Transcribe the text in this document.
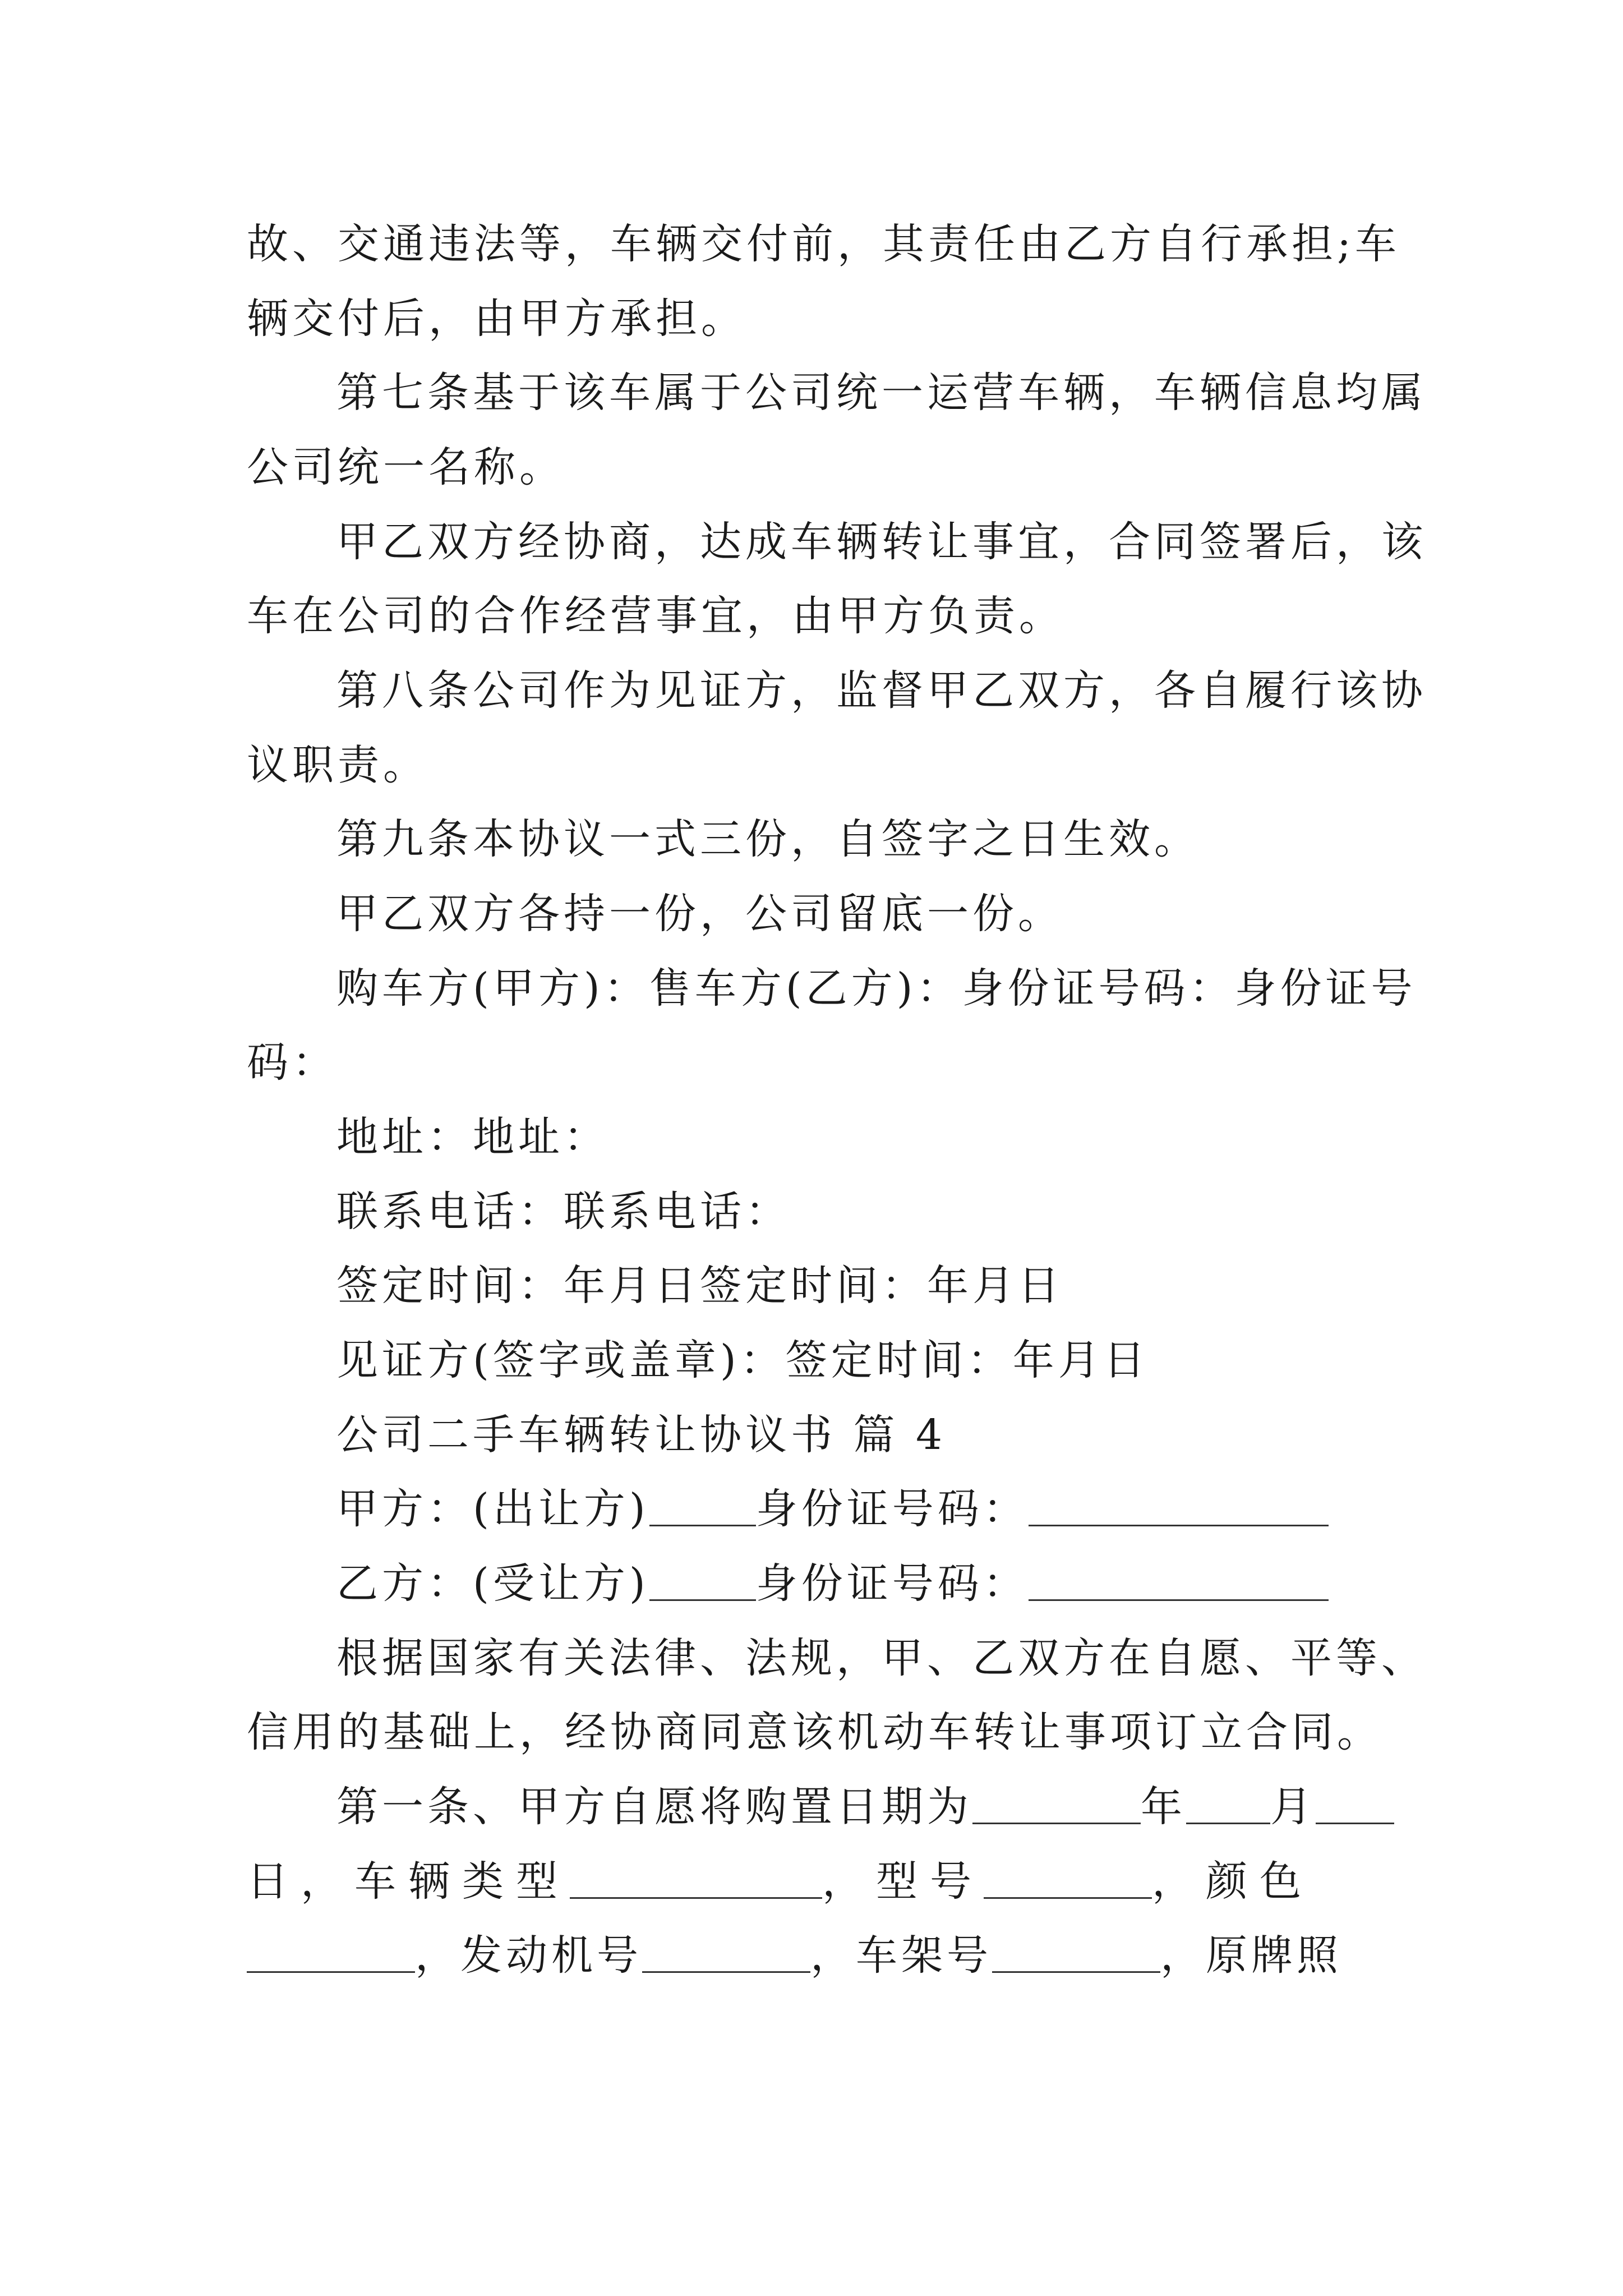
故、交通违法等，车辆交付前，其责任由乙方自行承担;车
辆交付后，由甲方承担。
第七条基于该车属于公司统一运营车辆，车辆信息均属
公司统一名称。
甲乙双方经协商，达成车辆转让事宜，合同签署后，该
车在公司的合作经营事宜，由甲方负责。
第八条公司作为见证方，监督甲乙双方，各自履行该协
议职责。
第九条本协议一式三份，自签字之日生效。
甲乙双方各持一份，公司留底一份。
购车方(甲方)：售车方(乙方)：身份证号码：身份证号
码：
地址：地址：
联系电话：联系电话：
签定时间：年月日签定时间：年月日
见证方(签字或盖章)：签定时间：年月日
公司二手车辆转让协议书 篇 4
甲方：(出让方)	身份证号码：
乙方：(受让方)	身份证号码：
根据国家有关法律、法规，甲、乙双方在自愿、平等、
信用的基础上，经协商同意该机动车转让事项订立合同。
第一条、甲方自愿将购置日期为	年 月
日，车辆类型	，型号	，颜色
，发动机号	，车架号	，原牌照
